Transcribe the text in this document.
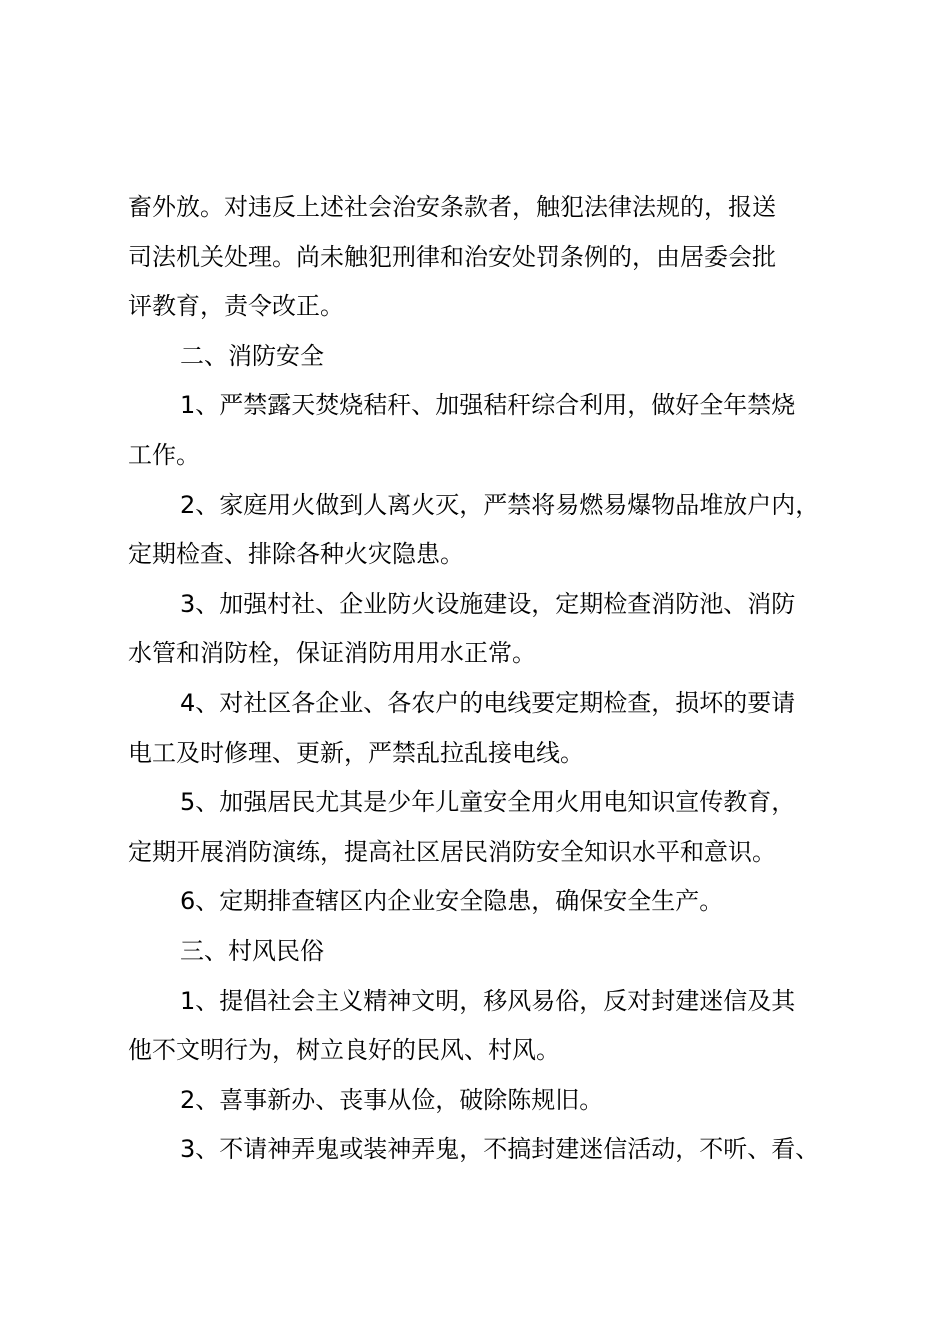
畜外放。对违反上述社会治安条款者，触犯法律法规的，报送
司法机关处理。尚未触犯刑律和治安处罚条例的，由居委会批
评教育，责令改正。
二、消防安全
1、严禁露天焚烧秸秆、加强秸秆综合利用，做好全年禁烧
工作。
2、家庭用火做到人离火灭，严禁将易燃易爆物品堆放户内，
定期检查、排除各种火灾隐患。
3、加强村社、企业防火设施建设，定期检查消防池、消防
水管和消防栓，保证消防用用水正常。
4、对社区各企业、各农户的电线要定期检查，损坏的要请
电工及时修理、更新，严禁乱拉乱接电线。
5、加强居民尤其是少年儿童安全用火用电知识宣传教育，
定期开展消防演练，提高社区居民消防安全知识水平和意识。
6、定期排查辖区内企业安全隐患，确保安全生产。
三、村风民俗
1、提倡社会主义精神文明，移风易俗，反对封建迷信及其
他不文明行为，树立良好的民风、村风。
2、喜事新办、丧事从俭，破除陈规旧。
3、不请神弄鬼或装神弄鬼，不搞封建迷信活动，不听、看、
